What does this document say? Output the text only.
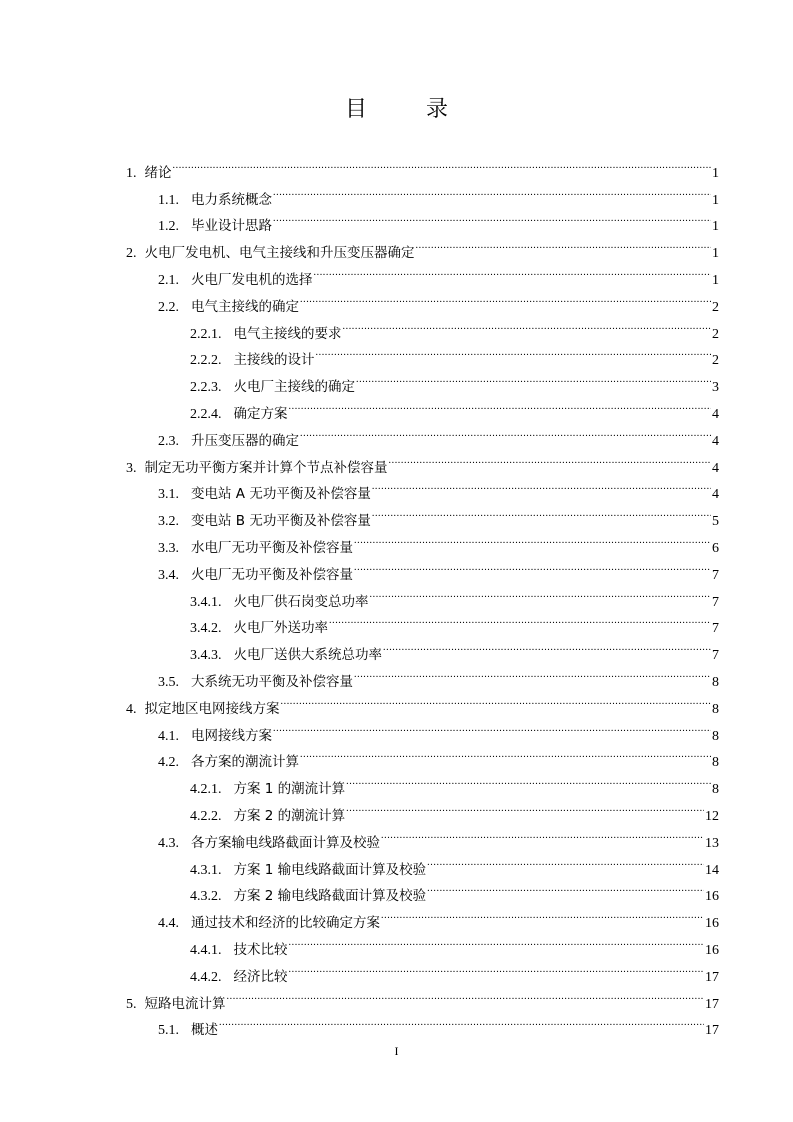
目 录
1. 绪论 .....	1
1.1. 电力系统概念 .....	1
1.2. 毕业设计思路 .....	1
2. 火电厂发电机、电气主接线和升压变压器确定 .....	1
2.1. 火电厂发电机的选择 .....	1
2.2. 电气主接线的确定 .....	2
2.2.1. 电气主接线的要求 .....	2
2.2.2. 主接线的设计 .....	2
2.2.3. 火电厂主接线的确定 .....	3
2.2.4. 确定方案 .....	4
2.3. 升压变压器的确定 .....	4
3. 制定无功平衡方案并计算个节点补偿容量 .....	4
3.1. 变电站 A 无功平衡及补偿容量 .....	4
3.2. 变电站 B 无功平衡及补偿容量 .....	5
3.3. 水电厂无功平衡及补偿容量 .....	6
3.4. 火电厂无功平衡及补偿容量 .....	7
3.4.1. 火电厂供石岗变总功率 .....	7
3.4.2. 火电厂外送功率 .....	7
3.4.3. 火电厂送供大系统总功率 .....	7
3.5. 大系统无功平衡及补偿容量 .....	8
4. 拟定地区电网接线方案 .....	8
4.1. 电网接线方案 .....	8
4.2. 各方案的潮流计算 .....	8
4.2.1. 方案 1 的潮流计算 .....	8
4.2.2. 方案 2 的潮流计算 .....	12
4.3. 各方案输电线路截面计算及校验 .....	13
4.3.1. 方案 1 输电线路截面计算及校验 .....	14
4.3.2. 方案 2 输电线路截面计算及校验 .....	16
4.4. 通过技术和经济的比较确定方案 .....	16
4.4.1. 技术比较 .....	16
4.4.2. 经济比较 .....	17
5. 短路电流计算 .....	17
5.1. 概述 .....	17
I
